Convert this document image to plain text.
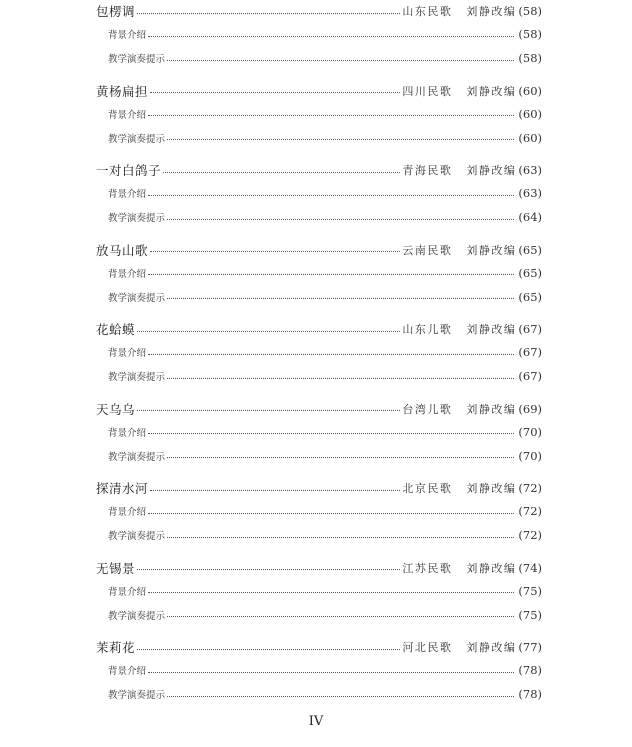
包楞调	山东民歌 刘静改编 (58)
背景介绍	(58)
教学演奏提示	(58)
黄杨扁担	四川民歌 刘静改编 (60)
背景介绍	(60)
教学演奏提示	(60)
一对白鸽子	青海民歌 刘静改编 (63)
背景介绍	(63)
教学演奏提示	(64)
放马山歌	云南民歌 刘静改编 (65)
背景介绍	(65)
教学演奏提示	(65)
花蛤蟆	山东儿歌 刘静改编 (67)
背景介绍	(67)
教学演奏提示	(67)
天乌乌	台湾儿歌 刘静改编 (69)
背景介绍	(70)
教学演奏提示	(70)
探清水河	北京民歌 刘静改编 (72)
背景介绍	(72)
教学演奏提示	(72)
无锡景	江苏民歌 刘静改编 (74)
背景介绍	(75)
教学演奏提示	(75)
茉莉花	河北民歌 刘静改编 (77)
背景介绍	(78)
教学演奏提示	(78)
IV
